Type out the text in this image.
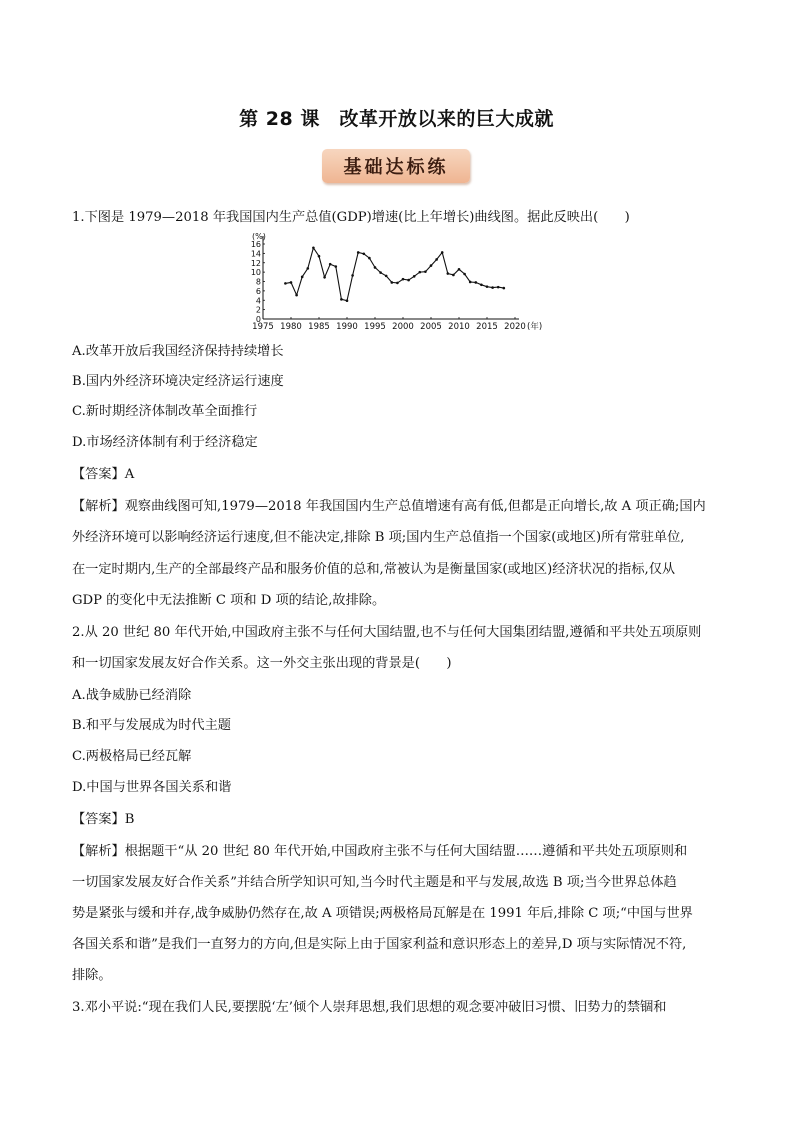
第 28 课　改革开放以来的巨大成就
基础达标练
1.下图是 1979—2018 年我国国内生产总值(GDP)增速(比上年增长)曲线图。据此反映出(　　)
(%)
0
2
4
6
8
10
12
14
16
1975 1980 1985 1990 1995 2000 2005 2010 2015 2020 (年)
A.改革开放后我国经济保持持续增长
B.国内外经济环境决定经济运行速度
C.新时期经济体制改革全面推行
D.市场经济体制有利于经济稳定
【答案】A
【解析】观察曲线图可知,1979—2018 年我国国内生产总值增速有高有低,但都是正向增长,故 A 项正确;国内
外经济环境可以影响经济运行速度,但不能决定,排除 B 项;国内生产总值指一个国家(或地区)所有常驻单位,
在一定时期内,生产的全部最终产品和服务价值的总和,常被认为是衡量国家(或地区)经济状况的指标,仅从
GDP 的变化中无法推断 C 项和 D 项的结论,故排除。
2.从 20 世纪 80 年代开始,中国政府主张不与任何大国结盟,也不与任何大国集团结盟,遵循和平共处五项原则
和一切国家发展友好合作关系。这一外交主张出现的背景是(　　)
A.战争威胁已经消除
B.和平与发展成为时代主题
C.两极格局已经瓦解
D.中国与世界各国关系和谐
【答案】B
【解析】根据题干“从 20 世纪 80 年代开始,中国政府主张不与任何大国结盟……遵循和平共处五项原则和
一切国家发展友好合作关系”并结合所学知识可知,当今时代主题是和平与发展,故选 B 项;当今世界总体趋
势是紧张与缓和并存,战争威胁仍然存在,故 A 项错误;两极格局瓦解是在 1991 年后,排除 C 项;“中国与世界
各国关系和谐”是我们一直努力的方向,但是实际上由于国家利益和意识形态上的差异,D 项与实际情况不符,
排除。
3.邓小平说:“现在我们人民,要摆脱‘左’倾个人崇拜思想,我们思想的观念要冲破旧习惯、旧势力的禁锢和
